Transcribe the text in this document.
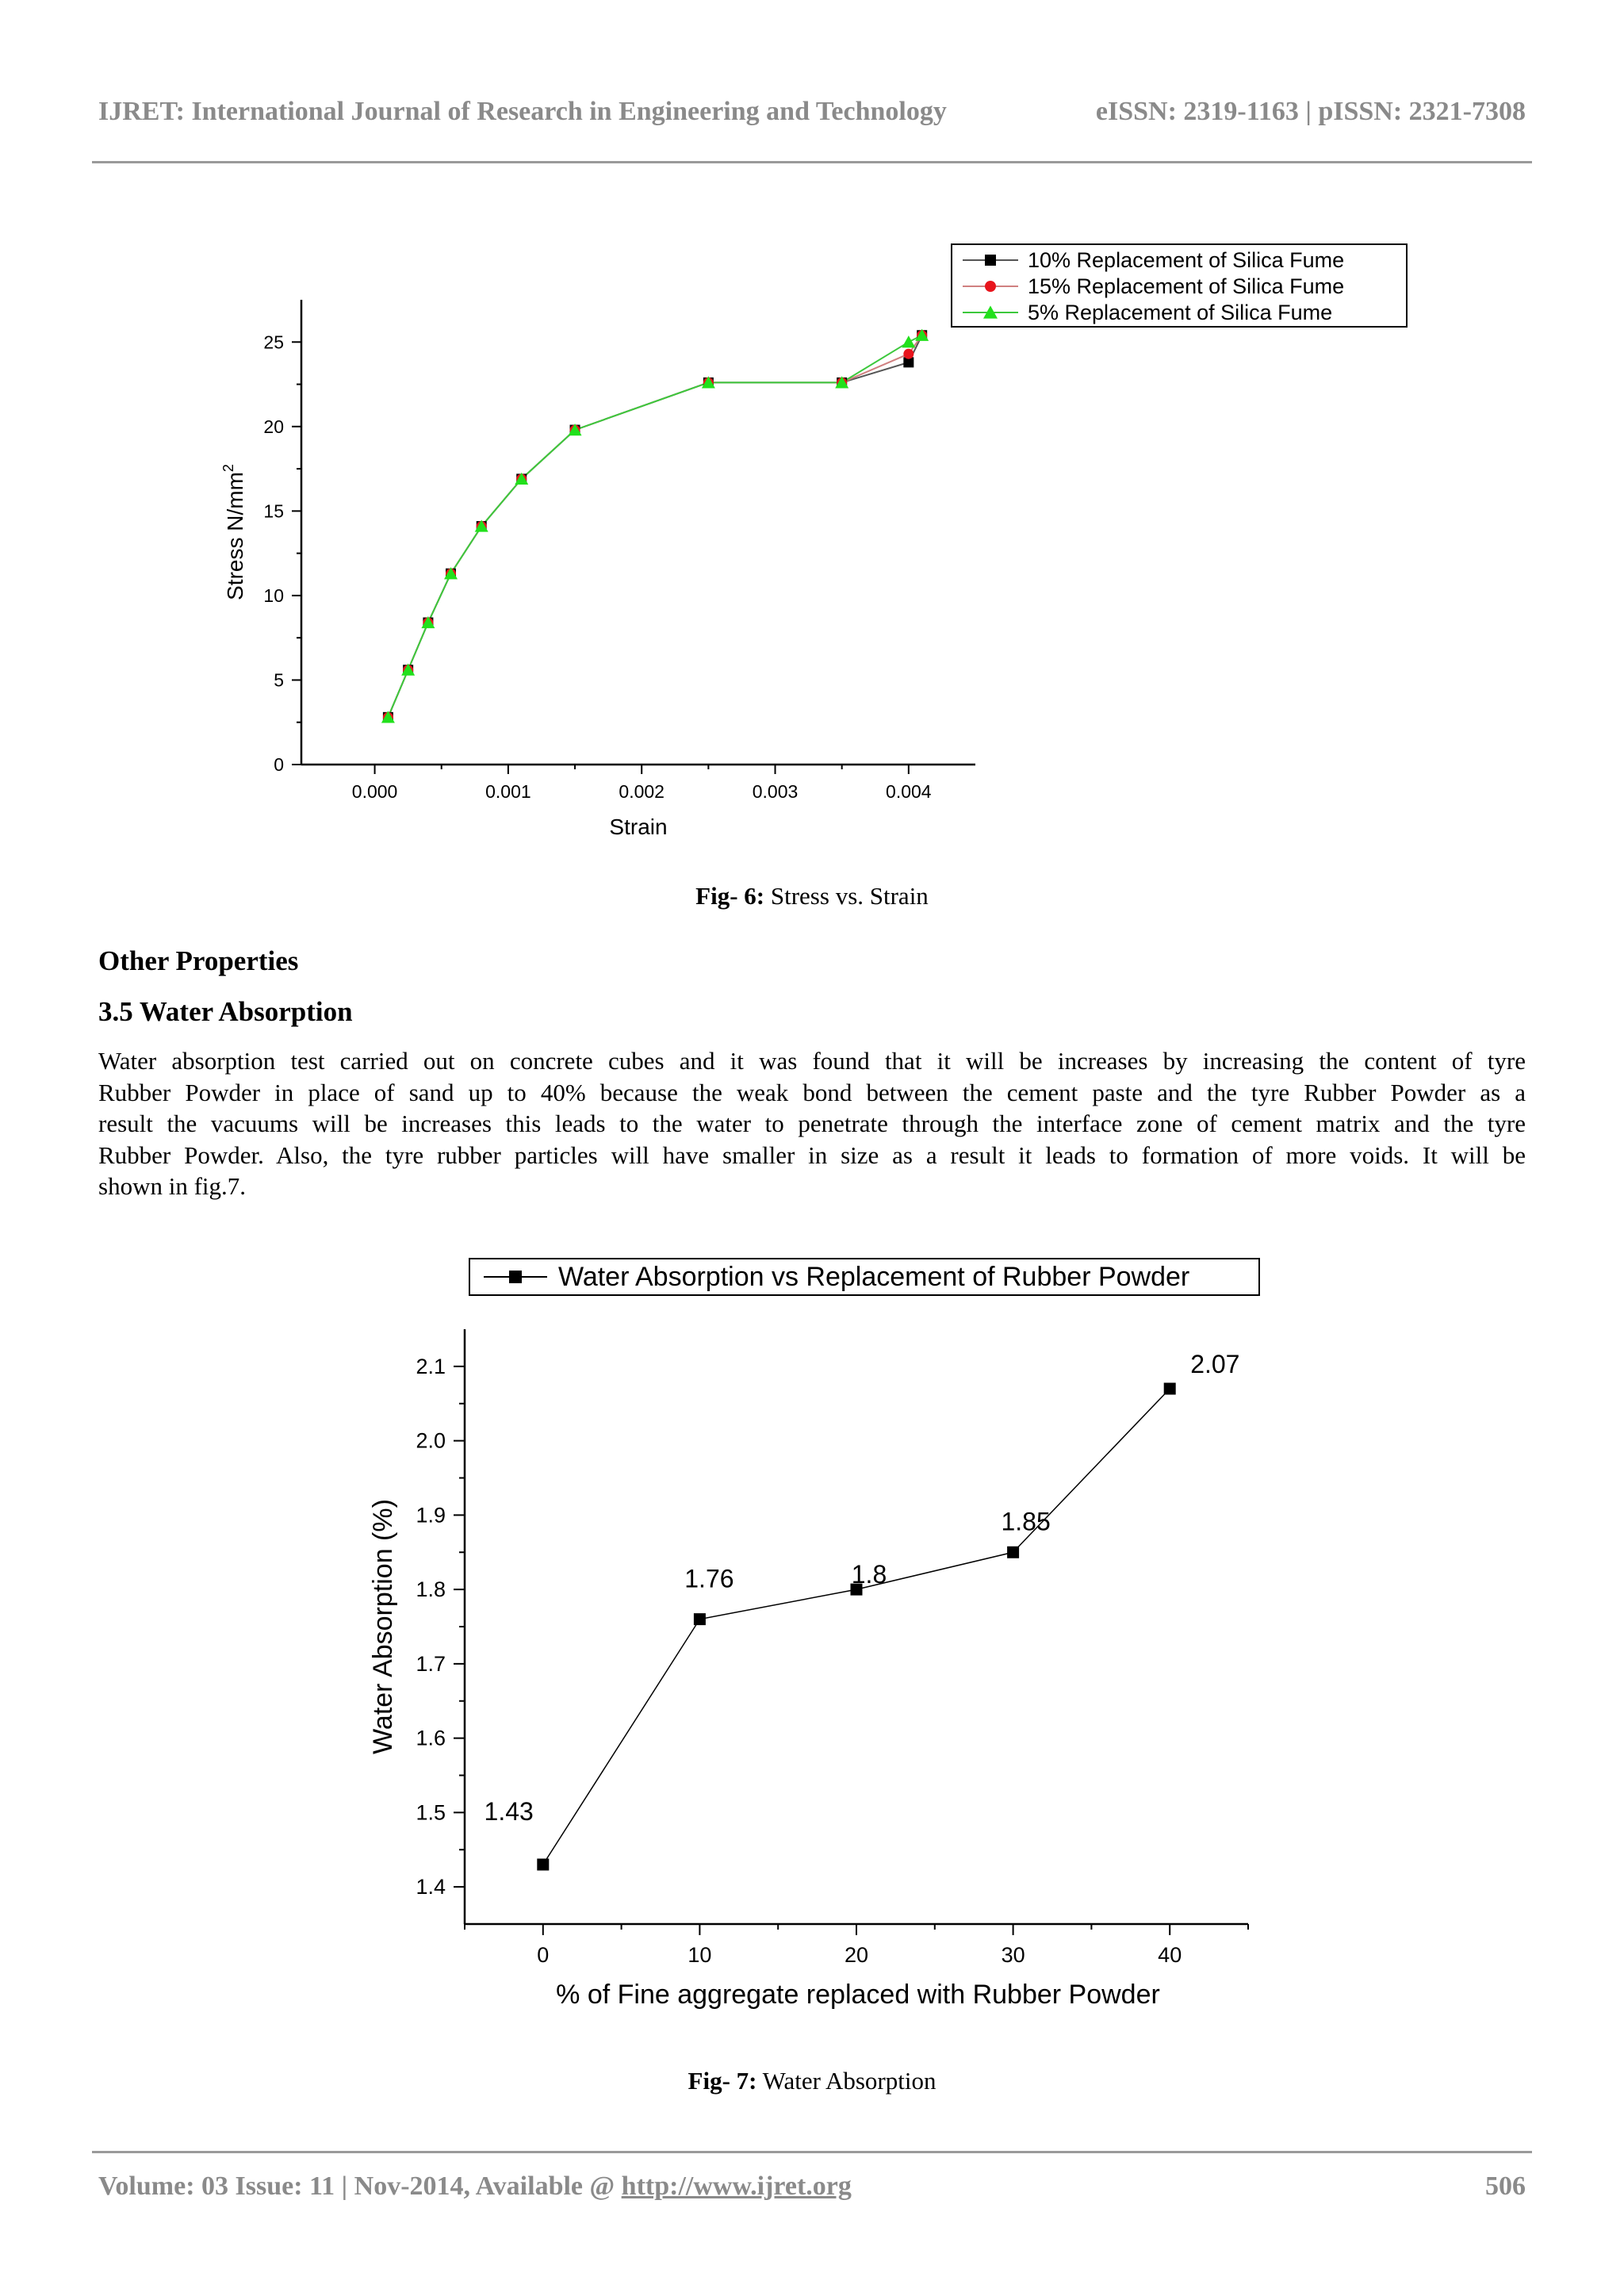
IJRET: International Journal of Research in Engineering and Technology	eISSN: 2319-1163 | pISSN: 2321-7308
0
5
10
15
20
25
0.000	0.001	0.002	0.003	0.004
Strain
Stress $N/mm^2$
10% Replacement of Silica Fume
15% Replacement of Silica Fume
5% Replacement of Silica Fume
Fig- 6: Stress vs. Strain
Other Properties
3.5 Water Absorption
Water absorption test carried out on concrete cubes and it was found that it will be increases by increasing the content of tyre
Rubber Powder in place of sand up to 40% because the weak bond between the cement paste and the tyre Rubber Powder as a
result the vacuums will be increases this leads to the water to penetrate through the interface zone of cement matrix and the tyre
Rubber Powder. Also, the tyre rubber particles will have smaller in size as a result it leads to formation of more voids. It will be
shown in fig.7.
1.4
1.5
1.6
1.7
1.8
1.9
2.0
2.1
0	10	20	30	40
% of Fine aggregate replaced with Rubber Powder
Water Absorption (%)
1.43
1.76	1.8
1.85
2.07
Water Absorption vs Replacement of Rubber Powder
Fig- 7: Water Absorption
Volume: 03 Issue: 11 | Nov-2014, Available @ http://www.ijret.org	506
